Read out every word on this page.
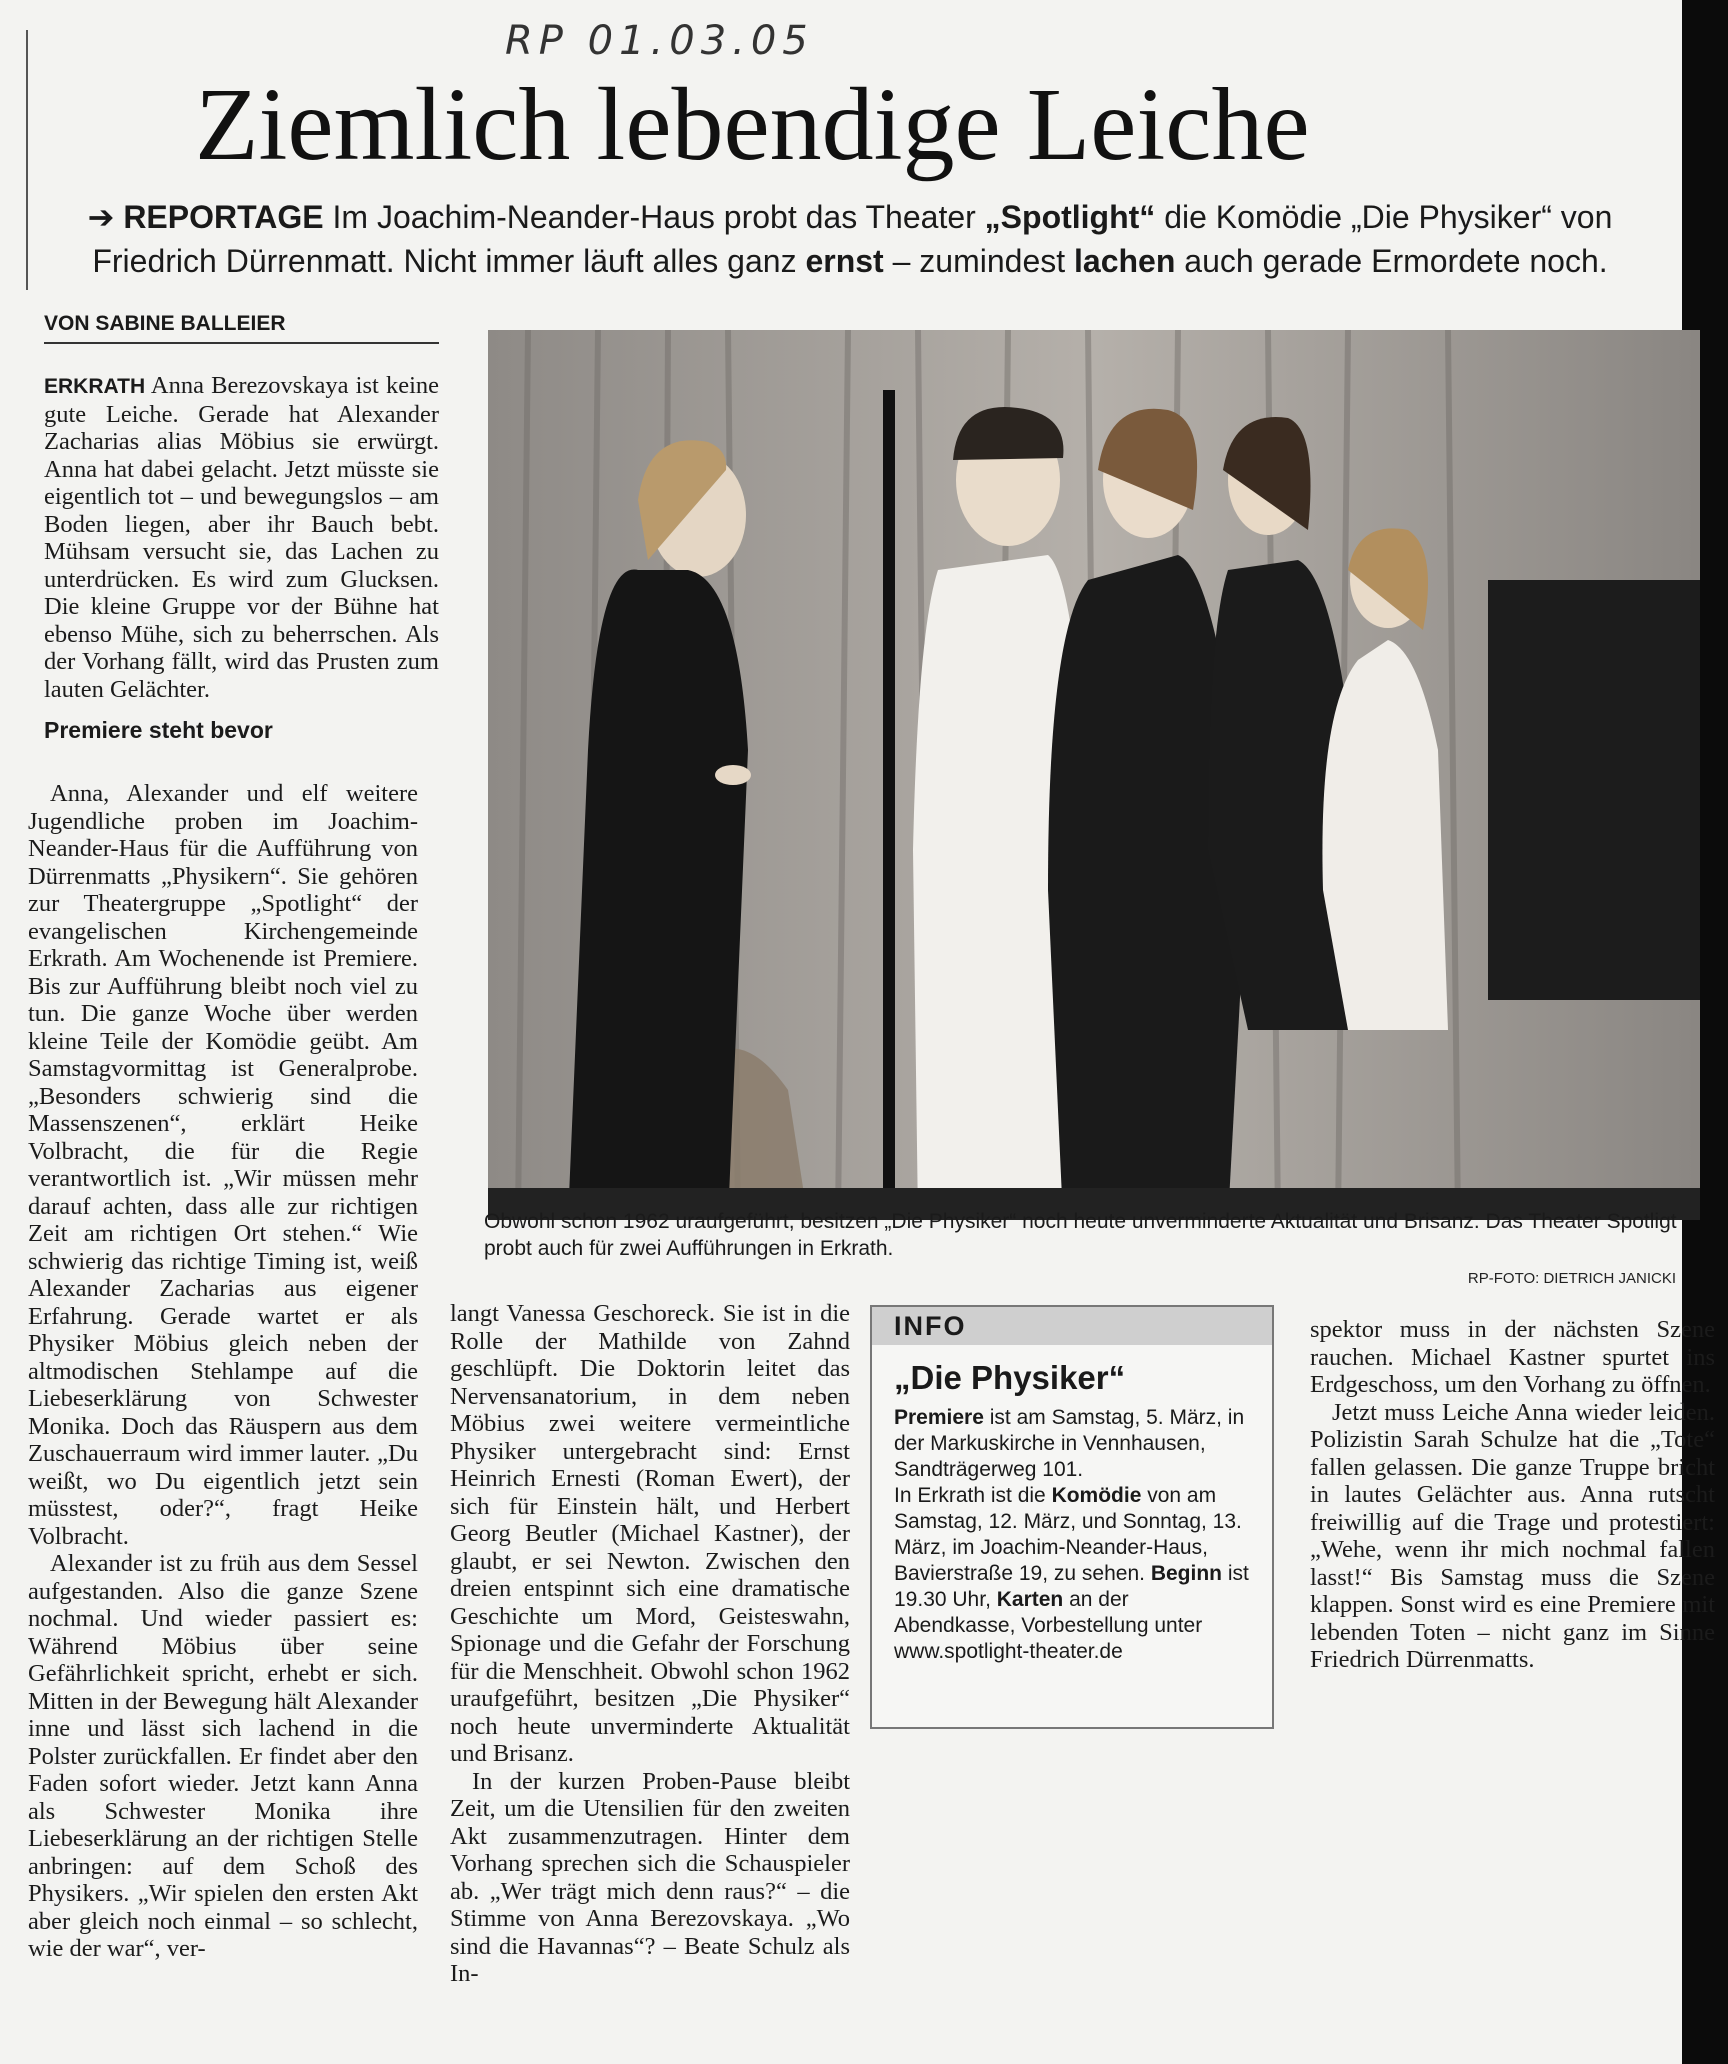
RP 01.03.05
Ziemlich lebendige Leiche
➔ REPORTAGE Im Joachim-Neander-Haus probt das Theater „Spotlight“ die Komödie „Die Physiker“ von Friedrich Dürrenmatt. Nicht immer läuft alles ganz ernst – zumindest lachen auch gerade Ermordete noch.
VON SABINE BALLEIER

ERKRATH Anna Berezovskaya ist keine gute Leiche. Gerade hat Alexander Zacharias alias Möbius sie erwürgt. Anna hat dabei gelacht. Jetzt müsste sie eigentlich tot – und bewegungslos – am Boden liegen, aber ihr Bauch bebt. Mühsam versucht sie, das Lachen zu unterdrücken. Es wird zum Glucksen. Die kleine Gruppe vor der Bühne hat ebenso Mühe, sich zu beherrschen. Als der Vorhang fällt, wird das Prusten zum lauten Gelächter.

Premiere steht bevor

Anna, Alexander und elf weitere Jugendliche proben im Joachim-Neander-Haus für die Aufführung von Dürrenmatts „Physikern“. Sie gehören zur Theatergruppe „Spotlight“ der evangelischen Kirchengemeinde Erkrath. Am Wochenende ist Premiere. Bis zur Aufführung bleibt noch viel zu tun. Die ganze Woche über werden kleine Teile der Komödie geübt. Am Samstagvormittag ist Generalprobe. „Besonders schwierig sind die Massenszenen“, erklärt Heike Volbracht, die für die Regie verantwortlich ist. „Wir müssen mehr darauf achten, dass alle zur richtigen Zeit am richtigen Ort stehen.“ Wie schwierig das richtige Timing ist, weiß Alexander Zacharias aus eigener Erfahrung. Gerade wartet er als Physiker Möbius gleich neben der altmodischen Stehlampe auf die Liebeserklärung von Schwester Monika. Doch das Räuspern aus dem Zuschauerraum wird immer lauter. „Du weißt, wo Du eigentlich jetzt sein müsstest, oder?“, fragt Heike Volbracht.

Alexander ist zu früh aus dem Sessel aufgestanden. Also die ganze Szene nochmal. Und wieder passiert es: Während Möbius über seine Gefährlichkeit spricht, erhebt er sich. Mitten in der Bewegung hält Alexander inne und lässt sich lachend in die Polster zurückfallen. Er findet aber den Faden sofort wieder. Jetzt kann Anna als Schwester Monika ihre Liebeserklärung an der richtigen Stelle anbringen: auf dem Schoß des Physikers. „Wir spielen den ersten Akt aber gleich noch einmal – so schlecht, wie der war“, ver-

Obwohl schon 1962 uraufgeführt, besitzen „Die Physiker“ noch heute unverminderte Aktualität und Brisanz. Das Theater Spotligt probt auch für zwei Aufführungen in Erkrath.
RP-FOTO: DIETRICH JANICKI

langt Vanessa Geschoreck. Sie ist in die Rolle der Mathilde von Zahnd geschlüpft. Die Doktorin leitet das Nervensanatorium, in dem neben Möbius zwei weitere vermeintliche Physiker untergebracht sind: Ernst Heinrich Ernesti (Roman Ewert), der sich für Einstein hält, und Herbert Georg Beutler (Michael Kastner), der glaubt, er sei Newton. Zwischen den dreien entspinnt sich eine dramatische Geschichte um Mord, Geisteswahn, Spionage und die Gefahr der Forschung für die Menschheit. Obwohl schon 1962 uraufgeführt, besitzen „Die Physiker“ noch heute unverminderte Aktualität und Brisanz.

In der kurzen Proben-Pause bleibt Zeit, um die Utensilien für den zweiten Akt zusammenzutragen. Hinter dem Vorhang sprechen sich die Schauspieler ab. „Wer trägt mich denn raus?“ – die Stimme von Anna Berezovskaya. „Wo sind die Havannas“? – Beate Schulz als In-

INFO
„Die Physiker“
Premiere ist am Samstag, 5. März, in der Markuskirche in Vennhausen, Sandträgerweg 101.
In Erkrath ist die Komödie von am Samstag, 12. März, und Sonntag, 13. März, im Joachim-Neander-Haus, Bavierstraße 19, zu sehen. Beginn ist 19.30 Uhr, Karten an der Abendkasse, Vorbestellung unter www.spotlight-theater.de

spektor muss in der nächsten Szene rauchen. Michael Kastner spurtet ins Erdgeschoss, um den Vorhang zu öffnen.

Jetzt muss Leiche Anna wieder leiden. Polizistin Sarah Schulze hat die „Tote“ fallen gelassen. Die ganze Truppe bricht in lautes Gelächter aus. Anna rutscht freiwillig auf die Trage und protestiert: „Wehe, wenn ihr mich nochmal fallen lasst!“ Bis Samstag muss die Szene klappen. Sonst wird es eine Premiere mit lebenden Toten – nicht ganz im Sinne Friedrich Dürrenmatts.
